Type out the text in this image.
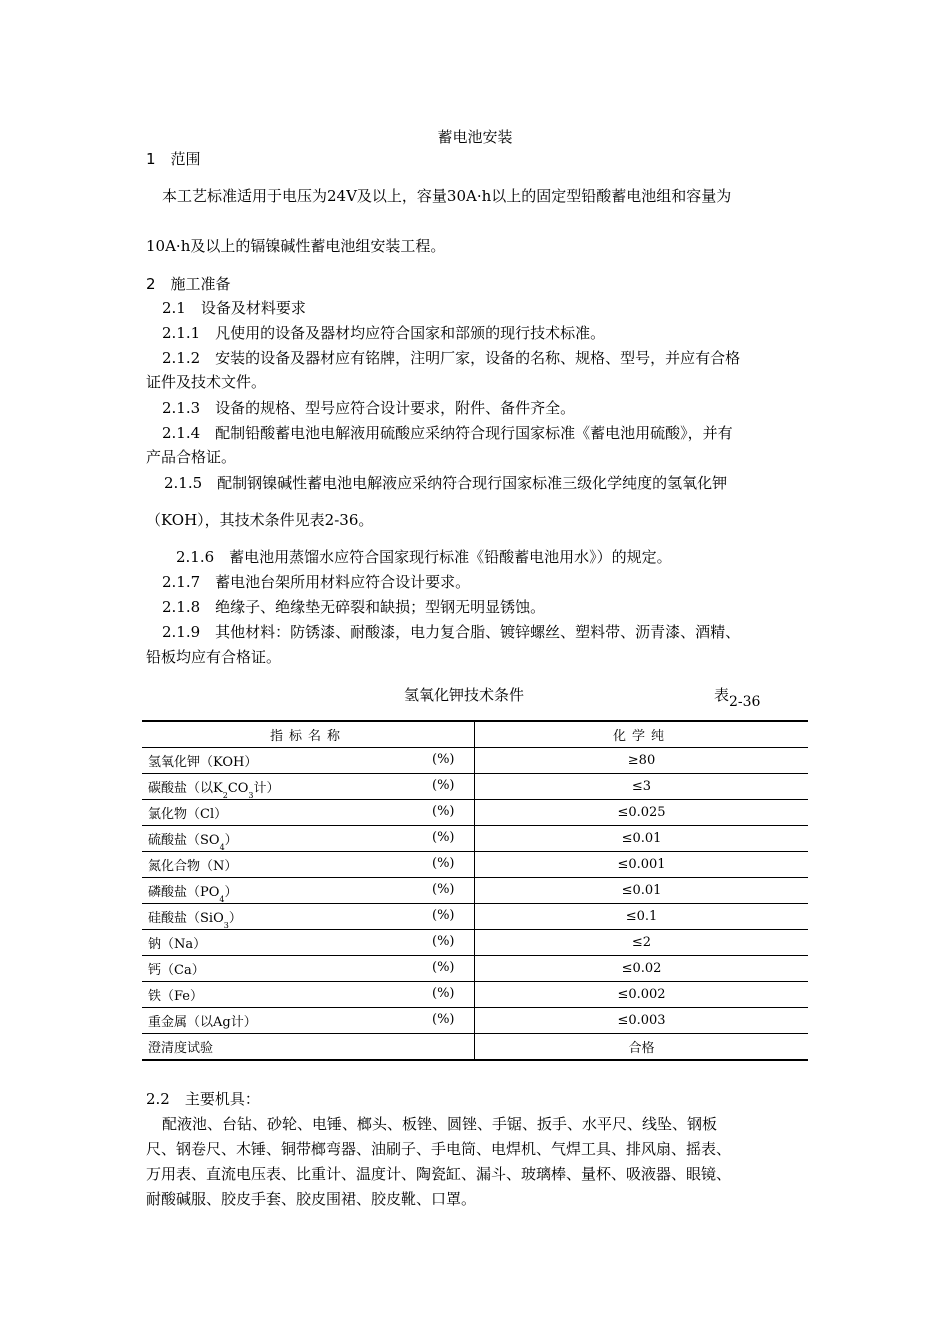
蓄电池安装
1　范围
本工艺标准适用于电压为24V及以上，容量30A·h以上的固定型铅酸蓄电池组和容量为
10A·h及以上的镉镍碱性蓄电池组安装工程。
2　施工准备
2.1　设备及材料要求
2.1.1　凡使用的设备及器材均应符合国家和部颁的现行技术标准。
2.1.2　安装的设备及器材应有铭牌，注明厂家，设备的名称、规格、型号，并应有合格
证件及技术文件。
2.1.3　设备的规格、型号应符合设计要求，附件、备件齐全。
2.1.4　配制铅酸蓄电池电解液用硫酸应采纳符合现行国家标准《蓄电池用硫酸》，并有
产品合格证。
2.1.5　配制钢镍碱性蓄电池电解液应采纳符合现行国家标准三级化学纯度的氢氧化钾
（KOH），其技术条件见表2-36。
2.1.6　蓄电池用蒸馏水应符合国家现行标准《铅酸蓄电池用水》）的规定。
2.1.7　蓄电池台架所用材料应符合设计要求。
2.1.8　绝缘子、绝缘垫无碎裂和缺损；型钢无明显锈蚀。
2.1.9　其他材料：防锈漆、耐酸漆，电力复合脂、镀锌螺丝、塑料带、沥青漆、酒精、
铅板均应有合格证。
氢氧化钾技术条件	表2-36
指标名称	化学纯
氢氧化钾（KOH） (%)	≥80
碳酸盐（以$K_2CO_3$计） (%)	≤3
氯化物（Cl） (%)	≤0.025
硫酸盐$(SO_4)$ (%)	≤0.01
氮化合物（N） (%)	≤0.001
磷酸盐$(PO_4)$ (%)	≤0.01
硅酸盐（SiO$_3$） (%)	≤0.1
钠（Na） (%)	≤2
钙（Ca） (%)	≤0.02
铁（Fe） (%)	≤0.002
重金属（以Ag计） (%)	≤0.003
澄清度试验	合格
2.2　主要机具：
配液池、台钻、砂轮、电锤、榔头、板锉、圆锉、手锯、扳手、水平尺、线坠、钢板
尺、钢卷尺、木锤、铜带榔弯器、油刷子、手电筒、电焊机、气焊工具、排风扇、摇表、
万用表、直流电压表、比重计、温度计、陶瓷缸、漏斗、玻璃棒、量杯、吸液器、眼镜、
耐酸碱服、胶皮手套、胶皮围裙、胶皮靴、口罩。
